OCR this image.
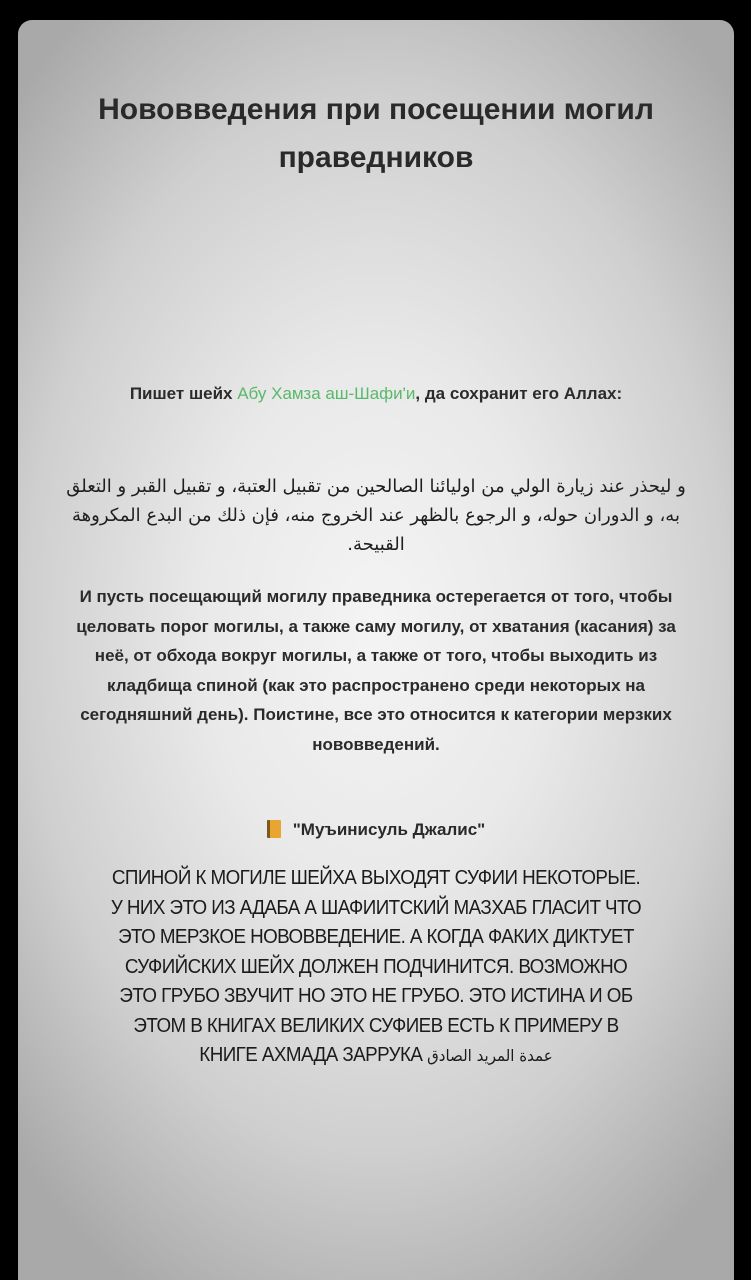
Нововведения при посещении могил праведников
Пишет шейх Абу Хамза аш-Шафи'и, да сохранит его Аллах:
و ليحذر عند زيارة الولي من اوليائنا الصالحين من تقبيل العتبة، و تقبيل القبر و التعلق به، و الدوران حوله، و الرجوع بالظهر عند الخروج منه، فإن ذلك من البدع المكروهة القبيحة.
И пусть посещающий могилу праведника остерегается от того, чтобы целовать порог могилы, а также саму могилу, от хватания (касания) за неё, от обхода вокруг могилы, а также от того, чтобы выходить из кладбища спиной (как это распространено среди некоторых на сегодняшний день). Поистине, все это относится к категории мерзких нововведений.
"Муъинисуль Джалис"
СПИНОЙ К МОГИЛЕ ШЕЙХА ВЫХОДЯТ СУФИИ НЕКОТОРЫЕ. У НИХ ЭТО ИЗ АДАБА А ШАФИИТСКИЙ МАЗХАБ ГЛАСИТ ЧТО ЭТО МЕРЗКОЕ НОВОВВЕДЕНИЕ. А КОГДА ФАКИХ ДИКТУЕТ СУФИЙСКИХ ШЕЙХ ДОЛЖЕН ПОДЧИНИТСЯ. ВОЗМОЖНО ЭТО ГРУБО ЗВУЧИТ НО ЭТО НЕ ГРУБО. ЭТО ИСТИНА И ОБ ЭТОМ В КНИГАХ ВЕЛИКИХ СУФИЕВ ЕСТЬ К ПРИМЕРУ В КНИГЕ АХМАДА ЗАРРУКА عمدة المريد الصادق
